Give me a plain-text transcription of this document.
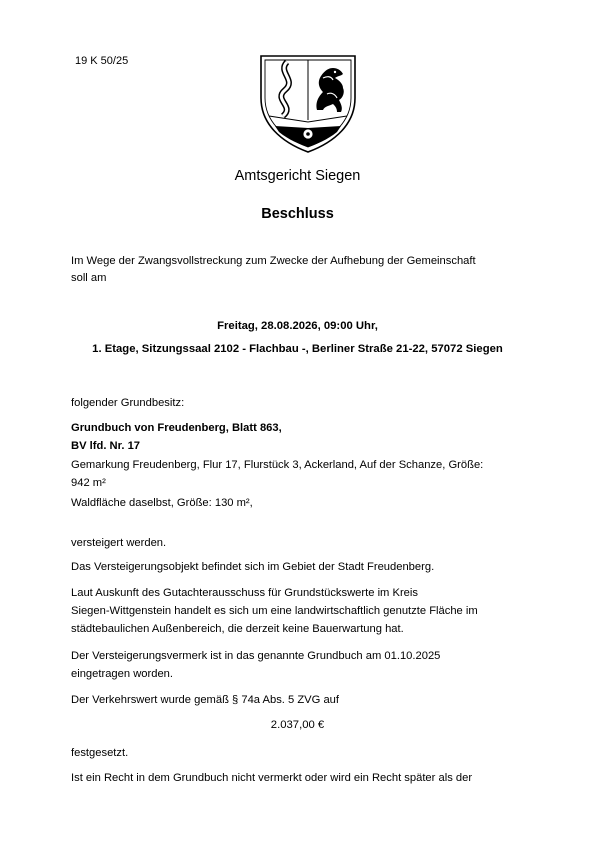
19 K 50/25
Amtsgericht Siegen
Beschluss
Im Wege der Zwangsvollstreckung zum Zwecke der Aufhebung der Gemeinschaft
soll am
Freitag, 28.08.2026, 09:00 Uhr,
1. Etage, Sitzungssaal 2102 - Flachbau -, Berliner Straße 21-22, 57072 Siegen
folgender Grundbesitz:
Grundbuch von Freudenberg, Blatt 863,
BV lfd. Nr. 17
Gemarkung Freudenberg, Flur 17, Flurstück 3, Ackerland, Auf der Schanze, Größe:
942 m²
Waldfläche daselbst, Größe: 130 m²,
versteigert werden.
Das Versteigerungsobjekt befindet sich im Gebiet der Stadt Freudenberg.
Laut Auskunft des Gutachterausschuss für Grundstückswerte im Kreis
Siegen-Wittgenstein handelt es sich um eine landwirtschaftlich genutzte Fläche im
städtebaulichen Außenbereich, die derzeit keine Bauerwartung hat.
Der Versteigerungsvermerk ist in das genannte Grundbuch am 01.10.2025
eingetragen worden.
Der Verkehrswert wurde gemäß § 74a Abs. 5 ZVG auf
2.037,00 €
festgesetzt.
Ist ein Recht in dem Grundbuch nicht vermerkt oder wird ein Recht später als der
